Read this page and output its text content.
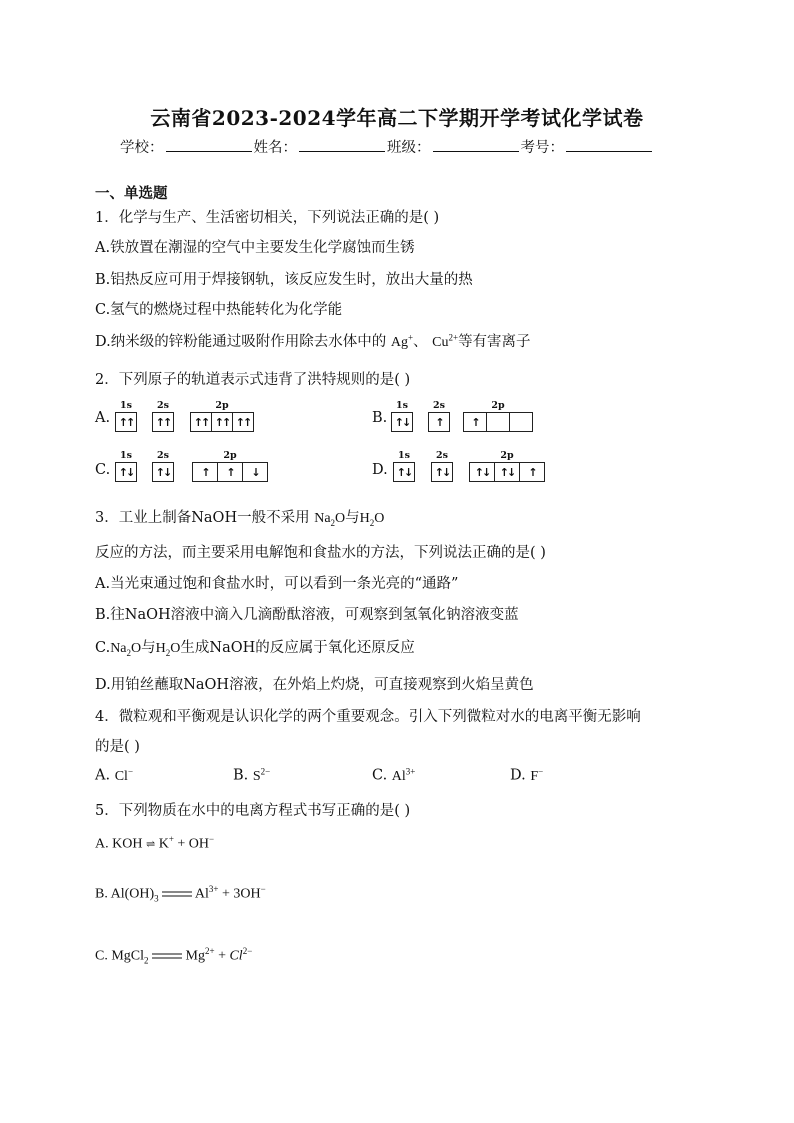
云南省2023-2024学年高二下学期开学考试化学试卷
学校：	姓名：	班级：	考号：
一、单选题
1．化学与生产、生活密切相关，下列说法正确的是( )
A.铁放置在潮湿的空气中主要发生化学腐蚀而生锈
B.铝热反应可用于焊接钢轨，该反应发生时，放出大量的热
C.氢气的燃烧过程中热能转化为化学能
D.纳米级的锌粉能通过吸附作用除去水体中的 Ag+、 $Cu^{2+}$等有害离子
2．下列原子的轨道表示式违背了洪特规则的是( )
A.
1s
↑↑
2s
↑↑
2p
↑↑ ↑↑ ↑↑	B.
1s
↑↓
2s
↑
2p
↑
C.
1s
↑↓
2s
↑↓
2p
↑	↑	↓	D.
1s
↑↓
2s
↑↓
2p
↑↓ ↑↓	↑
3．工业上制备NaOH一般不采用 $Na_2O$与$H_2O$
反应的方法，而主要采用电解饱和食盐水的方法，下列说法正确的是( )
A.当光束通过饱和食盐水时，可以看到一条光亮的“通路”
B.往NaOH溶液中滴入几滴酚酞溶液，可观察到氢氧化钠溶液变蓝
$C.Na_2O$与$H_2O$生成NaOH的反应属于氧化还原反应
D.用铂丝蘸取NaOH溶液，在外焰上灼烧，可直接观察到火焰呈黄色
4．微粒观和平衡观是认识化学的两个重要观念。引入下列微粒对水的电离平衡无影响
的是( )
A. Cl−	B. $S^{2-}$	C. $Al^{3+}$	D. F−
5．下列物质在水中的电离方程式书写正确的是( )
A. KOH ⇌ K+ + OH−
B. $Al(OH)_3$	$Al^{3+} + 3OH^-$
C. MgCl$_2$	$Mg^{2+} + Cl^{2-}$
